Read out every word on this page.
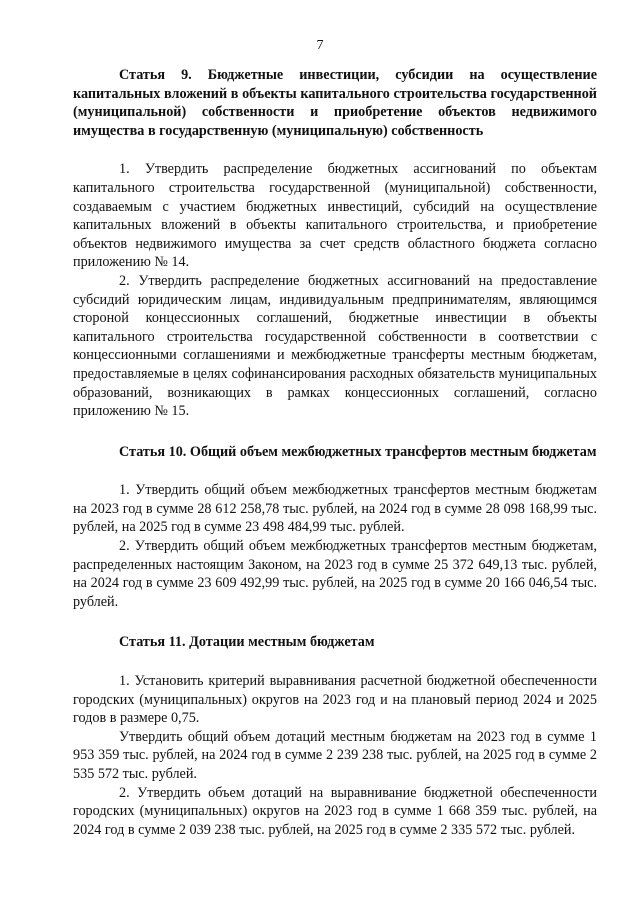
7

Статья 9. Бюджетные инвестиции, субсидии на осуществление капитальных вложений в объекты капитального строительства государственной (муниципальной) собственности и приобретение объектов недвижимого имущества в государственную (муниципальную) собственность

1. Утвердить распределение бюджетных ассигнований по объектам капитального строительства государственной (муниципальной) собственности, создаваемым с участием бюджетных инвестиций, субсидий на осуществление капитальных вложений в объекты капитального строительства, и приобретение объектов недвижимого имущества за счет средств областного бюджета согласно приложению № 14.

2. Утвердить распределение бюджетных ассигнований на предоставление субсидий юридическим лицам, индивидуальным предпринимателям, являющимся стороной концессионных соглашений, бюджетные инвестиции в объекты капитального строительства государственной собственности в соответствии с концессионными соглашениями и межбюджетные трансферты местным бюджетам, предоставляемые в целях софинансирования расходных обязательств муниципальных образований, возникающих в рамках концессионных соглашений, согласно приложению № 15.

Статья 10. Общий объем межбюджетных трансфертов местным бюджетам

1. Утвердить общий объем межбюджетных трансфертов местным бюджетам на 2023 год в сумме 28 612 258,78 тыс. рублей, на 2024 год в сумме 28 098 168,99 тыс. рублей, на 2025 год в сумме 23 498 484,99 тыс. рублей.

2. Утвердить общий объем межбюджетных трансфертов местным бюджетам, распределенных настоящим Законом, на 2023 год в сумме 25 372 649,13 тыс. рублей, на 2024 год в сумме 23 609 492,99 тыс. рублей, на 2025 год в сумме 20 166 046,54 тыс. рублей.

Статья 11. Дотации местным бюджетам

1. Установить критерий выравнивания расчетной бюджетной обеспеченности городских (муниципальных) округов на 2023 год и на плановый период 2024 и 2025 годов в размере 0,75.

Утвердить общий объем дотаций местным бюджетам на 2023 год в сумме 1 953 359 тыс. рублей, на 2024 год в сумме 2 239 238 тыс. рублей, на 2025 год в сумме 2 535 572 тыс. рублей.

2. Утвердить объем дотаций на выравнивание бюджетной обеспеченности городских (муниципальных) округов на 2023 год в сумме 1 668 359 тыс. рублей, на 2024 год в сумме 2 039 238 тыс. рублей, на 2025 год в сумме 2 335 572 тыс. рублей.
